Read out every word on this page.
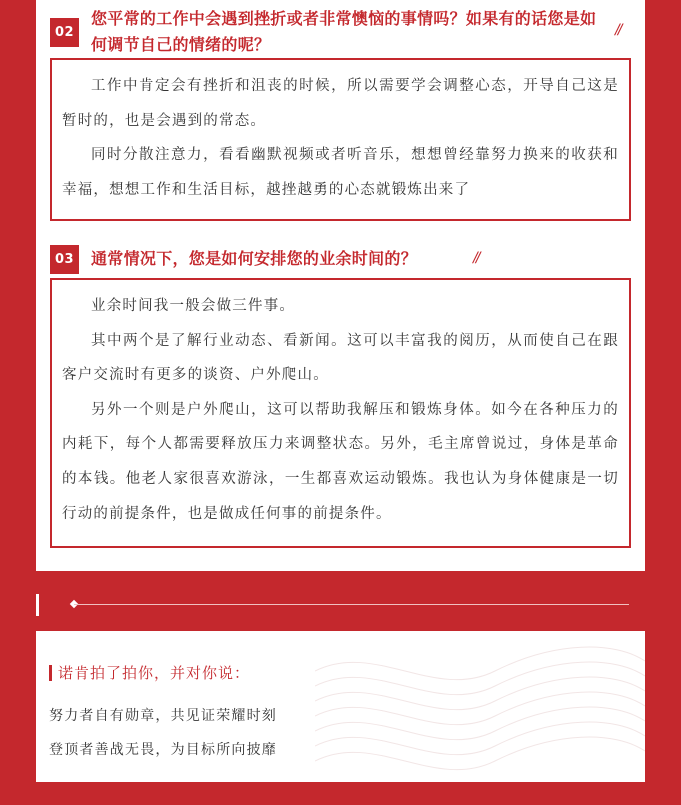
02
您平常的工作中会遇到挫折或者非常懊恼的事情吗？如果有的话您是如何调节自己的情绪的呢？
//

工作中肯定会有挫折和沮丧的时候，所以需要学会调整心态，开导自己这是暂时的，也是会遇到的常态。

同时分散注意力，看看幽默视频或者听音乐，想想曾经靠努力换来的收获和幸福，想想工作和生活目标，越挫越勇的心态就锻炼出来了

03	通常情况下，您是如何安排您的业余时间的？	//

业余时间我一般会做三件事。

其中两个是了解行业动态、看新闻。这可以丰富我的阅历，从而使自己在跟客户交流时有更多的谈资、户外爬山。

另外一个则是户外爬山，这可以帮助我解压和锻炼身体。如今在各种压力的内耗下，每个人都需要释放压力来调整状态。另外，毛主席曾说过，身体是革命的本钱。他老人家很喜欢游泳，一生都喜欢运动锻炼。我也认为身体健康是一切行动的前提条件，也是做成任何事的前提条件。

诺肯拍了拍你，并对你说：
努力者自有勋章，共见证荣耀时刻
登顶者善战无畏，为目标所向披靡
